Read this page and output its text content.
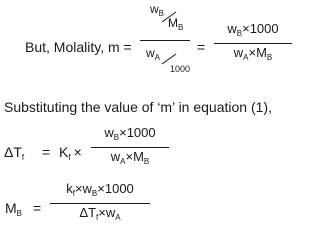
But, Molality, m =
$w_B$
$M_B$
$w_A$
1000
=
$w_B\times 1000$
$w_A\times M_B$
Substituting the value of ‘m’ in equation (1),
$\Delta T_f = K_f$ ×
$w_B\times 1000$
$w_A\times M_B$
$M_B$ =
$k_f\times w_B\times 1000$
$\Delta T_f\times w_A$
